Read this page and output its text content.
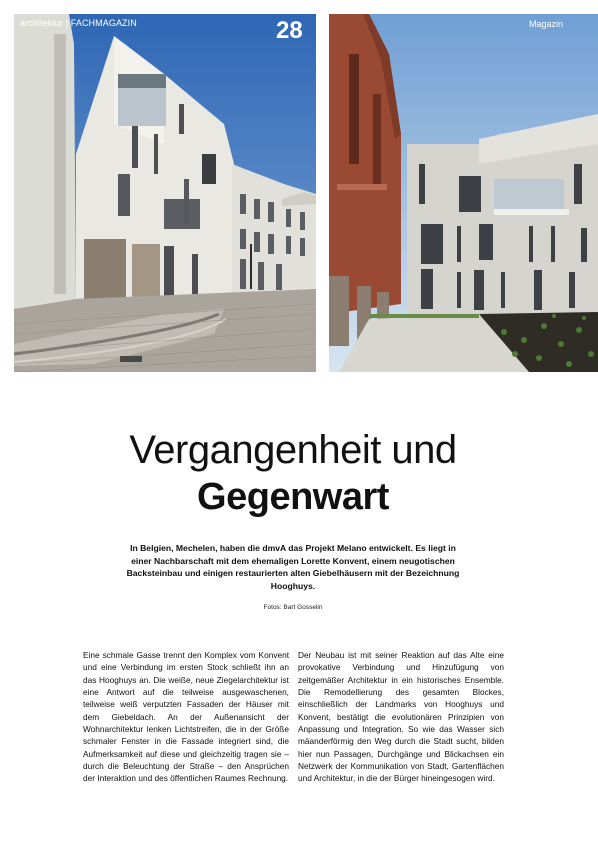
architektur | FACHMAGAZIN	28	Magazin
Vergangenheit und
Gegenwart

In Belgien, Mechelen, haben die dmvA das Projekt Melano entwickelt. Es liegt in einer Nachbarschaft mit dem ehemaligen Lorette Konvent, einem neugotischen Backsteinbau und einigen restaurierten alten Giebelhäusern mit der Bezeichnung Hooghuys.

Fotos: Bart Gosselin

Eine schmale Gasse trennt den Komplex vom Konvent und eine Verbindung im ersten Stock schließt ihn an das Hooghuys an. Die weiße, neue Ziegelarchitektur ist eine Antwort auf die teilweise ausgewaschenen, teilweise weiß verputzten Fassaden der Häuser mit dem Giebeldach. An der Außenansicht der Wohnarchitektur lenken Lichtstreifen, die in der Größe schmaler Fenster in die Fassade integriert sind, die Aufmerksamkeit auf diese und gleichzeitig tragen sie – durch die Beleuchtung der Straße – den Ansprüchen der Interaktion und des öffentlichen Raumes Rechnung.

Der Neubau ist mit seiner Reaktion auf das Alte eine provokative Verbindung und Hinzufügung von zeitgemäßer Architektur in ein historisches Ensemble. Die Remodellierung des gesamten Blockes, einschließlich der Landmarks von Hooghuys und Konvent, bestätigt die evolutionären Prinzipien von Anpassung und Integration. So wie das Wasser sich mäanderförmig den Weg durch die Stadt sucht, bilden hier nun Passagen, Durchgänge und Blickachsen ein Netzwerk der Kommunikation von Stadt, Gartenflächen und Architektur, in die der Bürger hineingesogen wird.
